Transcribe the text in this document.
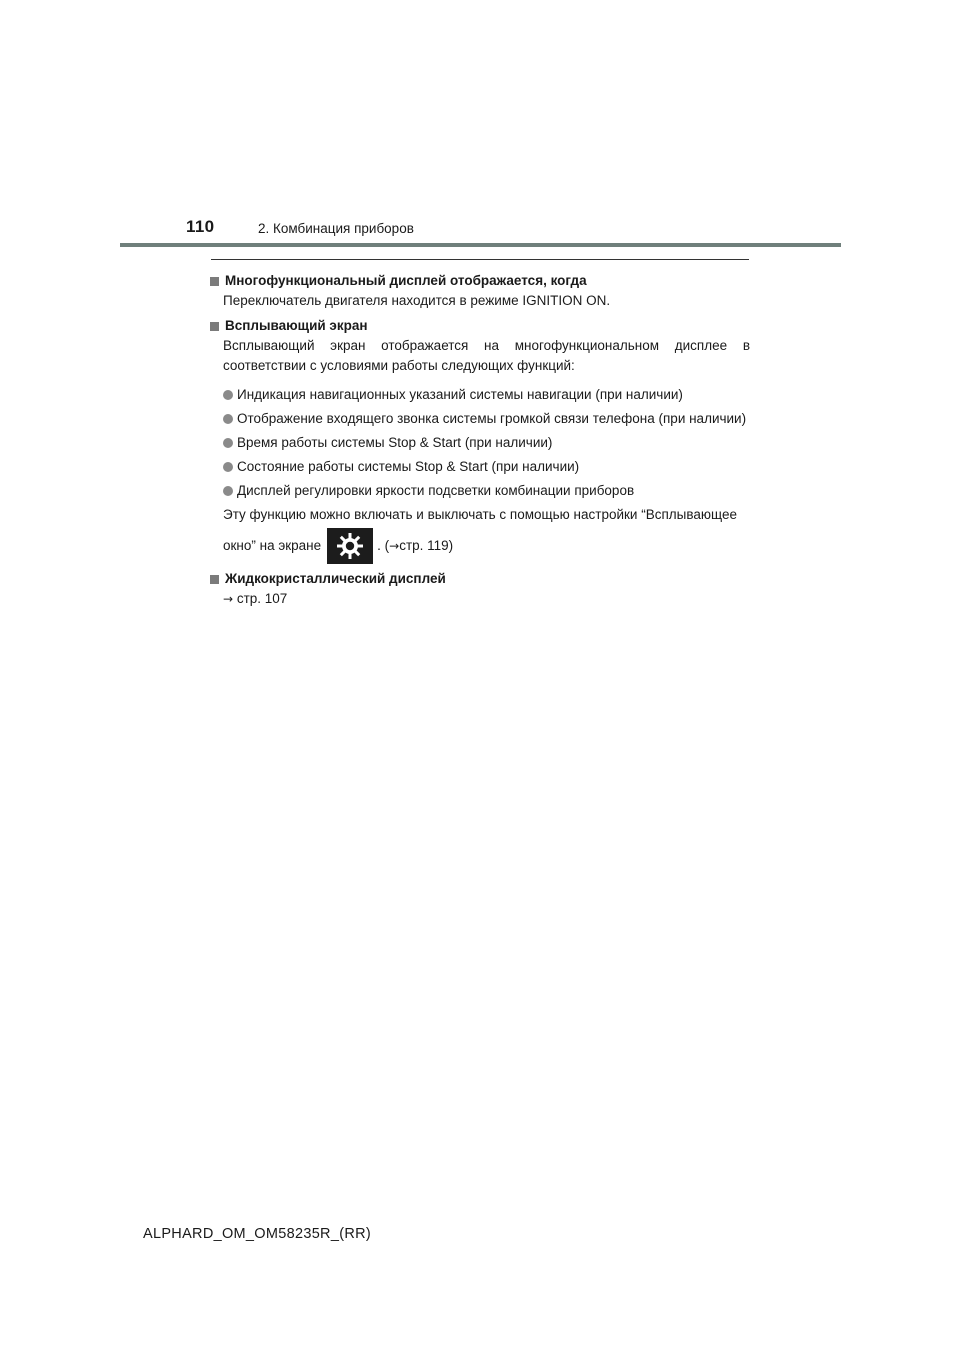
110	2. Комбинация приборов
Многофункциональный дисплей отображается, когда
Переключатель двигателя находится в режиме IGNITION ON.
Всплывающий экран
Всплывающий экран отображается на многофункциональном дисплее в соответствии с условиями работы следующих функций:
Индикация навигационных указаний системы навигации (при наличии)
Отображение входящего звонка системы громкой связи телефона (при наличии)
Время работы системы Stop & Start (при наличии)
Состояние работы системы Stop & Start (при наличии)
Дисплей регулировки яркости подсветки комбинации приборов
Эту функцию можно включать и выключать с помощью настройки “Всплывающее
окно” на экране	. ( → стр. 119)
Жидкокристаллический дисплей
→ стр. 107
ALPHARD_OM_OM58235R_(RR)
